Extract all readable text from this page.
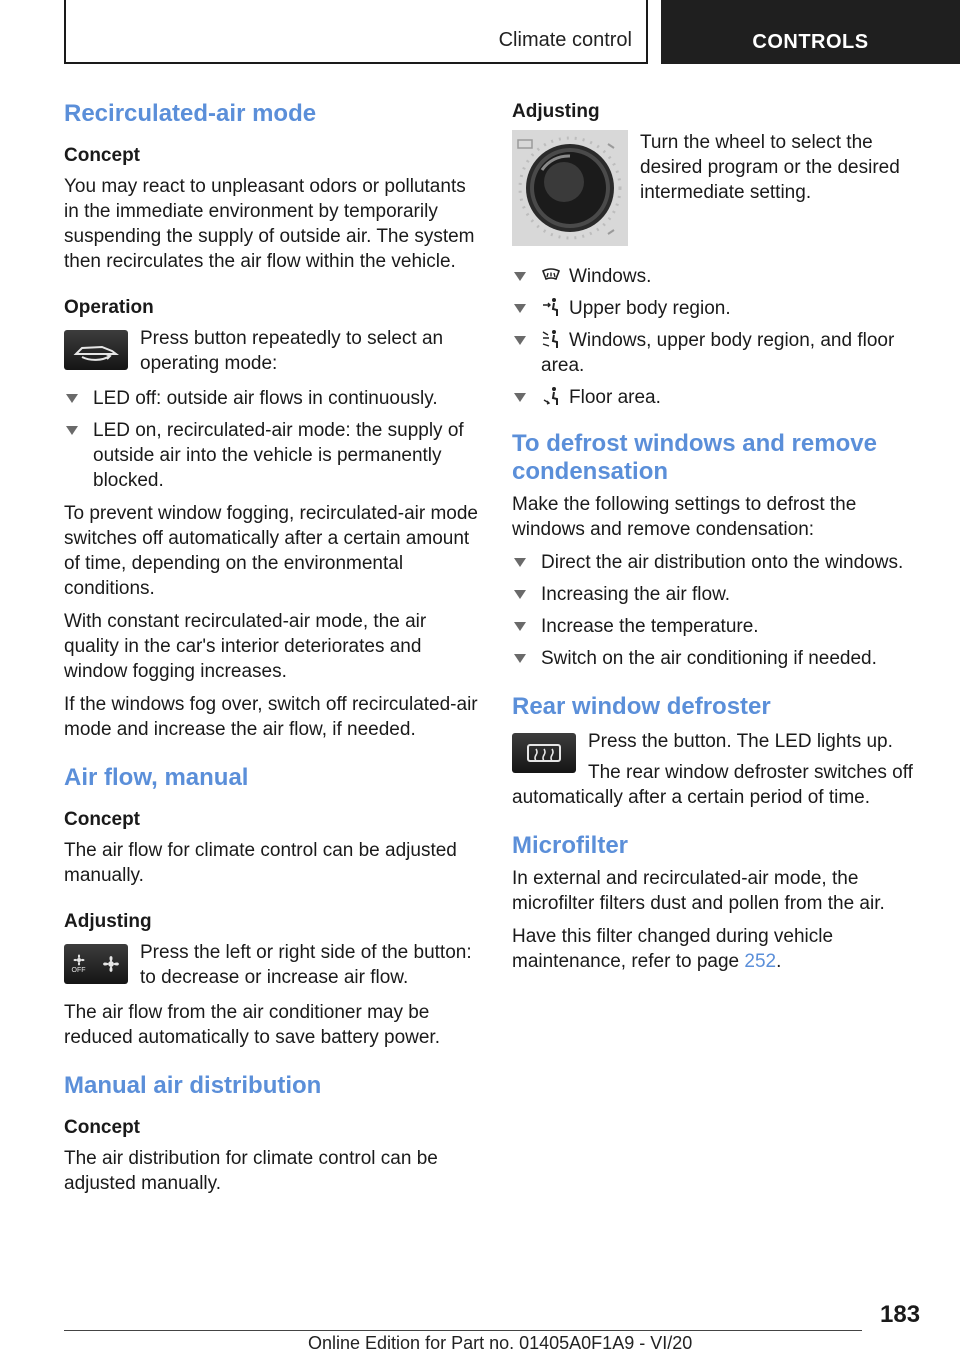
Climate control	CONTROLS
Recirculated-air mode
Concept

You may react to unpleasant odors or pollutants in the immediate environment by temporarily suspending the supply of outside air. The system then recirculates the air flow within the vehicle.

Operation
Press button repeatedly to select an operating mode:
LED off: outside air flows in continuously.
LED on, recirculated-air mode: the supply of outside air into the vehicle is permanently blocked.

To prevent window fogging, recirculated-air mode switches off automatically after a certain amount of time, depending on the environmental conditions.

With constant recirculated-air mode, the air quality in the car's interior deteriorates and window fogging increases.

If the windows fog over, switch off recirculated-air mode and increase the air flow, if needed.

Air flow, manual
Concept

The air flow for climate control can be adjusted manually.

Adjusting
OFF
Press the left or right side of the button: to decrease or increase air flow.

The air flow from the air conditioner may be reduced automatically to save battery power.

Manual air distribution
Concept

The air distribution for climate control can be adjusted manually.

Adjusting
Turn the wheel to select the desired program or the desired intermediate setting.
Windows.
Upper body region.
Windows, upper body region, and floor area.
Floor area.
To defrost windows and remove condensation

Make the following settings to defrost the windows and remove condensation:

Direct the air distribution onto the windows.
Increasing the air flow.
Increase the temperature.
Switch on the air conditioning if needed.
Rear window defroster
Press the button. The LED lights up.
The rear window defroster switches off

automatically after a certain period of time.

Microfilter

In external and recirculated-air mode, the microfilter filters dust and pollen from the air.

Have this filter changed during vehicle maintenance, refer to page 252.

183
Online Edition for Part no. 01405A0F1A9 - VI/20
